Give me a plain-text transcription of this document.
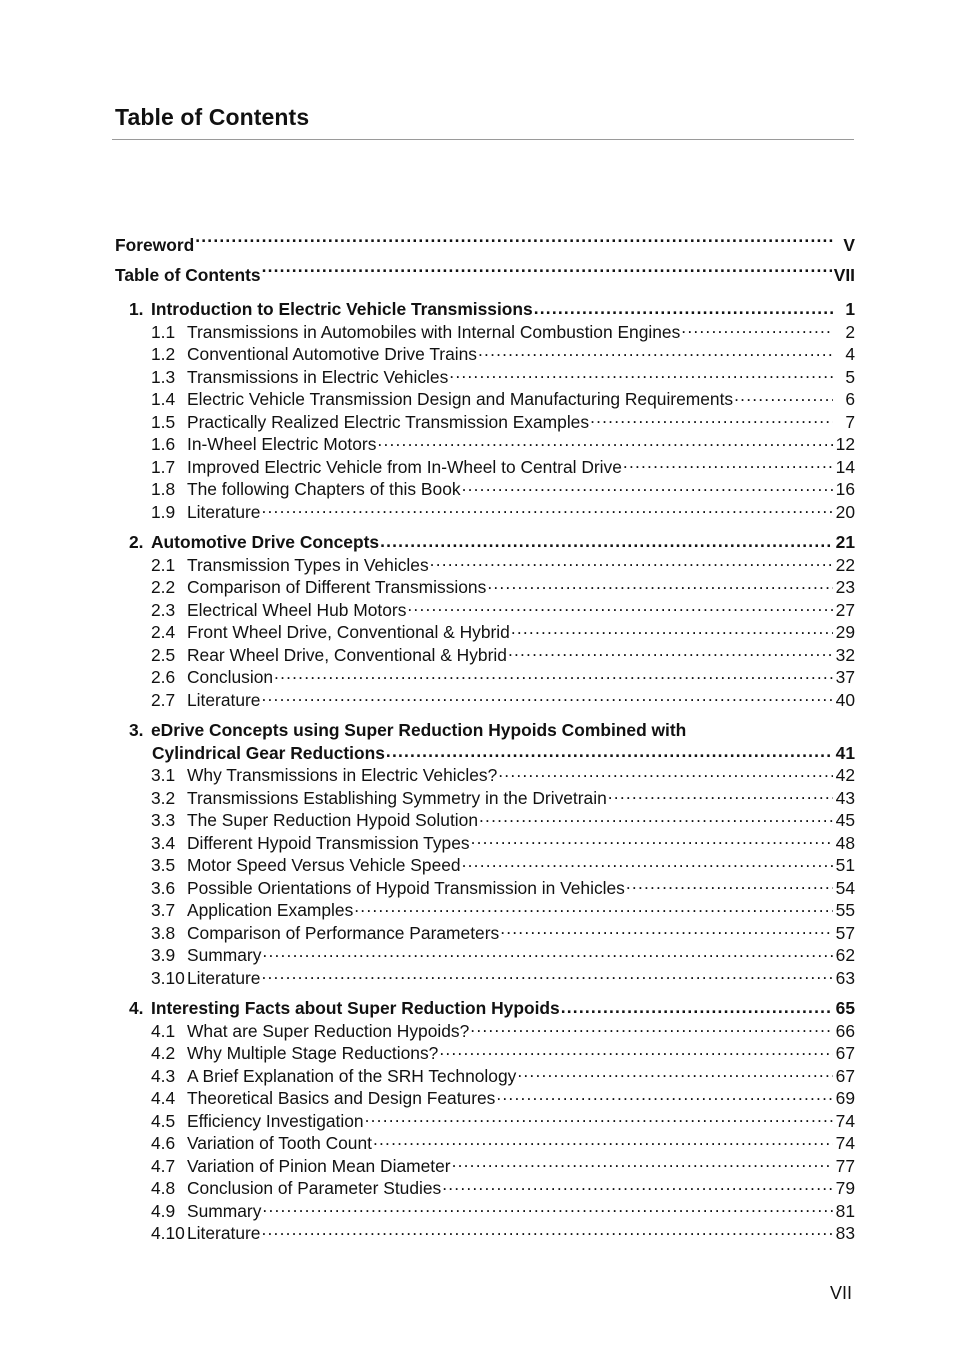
Table of Contents
Foreword .....	V
Table of Contents .....	VII
1. Introduction to Electric Vehicle Transmissions .....	1
1.1 Transmissions in Automobiles with Internal Combustion Engines .....	2
1.2 Conventional Automotive Drive Trains .....	4
1.3 Transmissions in Electric Vehicles .....	5
1.4 Electric Vehicle Transmission Design and Manufacturing Requirements .....	6
1.5 Practically Realized Electric Transmission Examples .....	7
1.6 In-Wheel Electric Motors .....	12
1.7 Improved Electric Vehicle from In-Wheel to Central Drive .....	14
1.8 The following Chapters of this Book .....	16
1.9 Literature .....	20
2. Automotive Drive Concepts .....	21
2.1 Transmission Types in Vehicles .....	22
2.2 Comparison of Different Transmissions .....	23
2.3 Electrical Wheel Hub Motors .....	27
2.4 Front Wheel Drive, Conventional & Hybrid .....	29
2.5 Rear Wheel Drive, Conventional & Hybrid .....	32
2.6 Conclusion .....	37
2.7 Literature .....	40
3. eDrive Concepts using Super Reduction Hypoids Combined with
Cylindrical Gear Reductions .....	41
3.1 Why Transmissions in Electric Vehicles? .....	42
3.2 Transmissions Establishing Symmetry in the Drivetrain .....	43
3.3 The Super Reduction Hypoid Solution .....	45
3.4 Different Hypoid Transmission Types .....	48
3.5 Motor Speed Versus Vehicle Speed .....	51
3.6 Possible Orientations of Hypoid Transmission in Vehicles .....	54
3.7 Application Examples .....	55
3.8 Comparison of Performance Parameters .....	57
3.9 Summary .....	62
3.10 Literature .....	63
4. Interesting Facts about Super Reduction Hypoids .....	65
4.1 What are Super Reduction Hypoids? .....	66
4.2 Why Multiple Stage Reductions? .....	67
4.3 A Brief Explanation of the SRH Technology .....	67
4.4 Theoretical Basics and Design Features .....	69
4.5 Efficiency Investigation .....	74
4.6 Variation of Tooth Count .....	74
4.7 Variation of Pinion Mean Diameter .....	77
4.8 Conclusion of Parameter Studies .....	79
4.9 Summary .....	81
4.10 Literature .....	83
VII
